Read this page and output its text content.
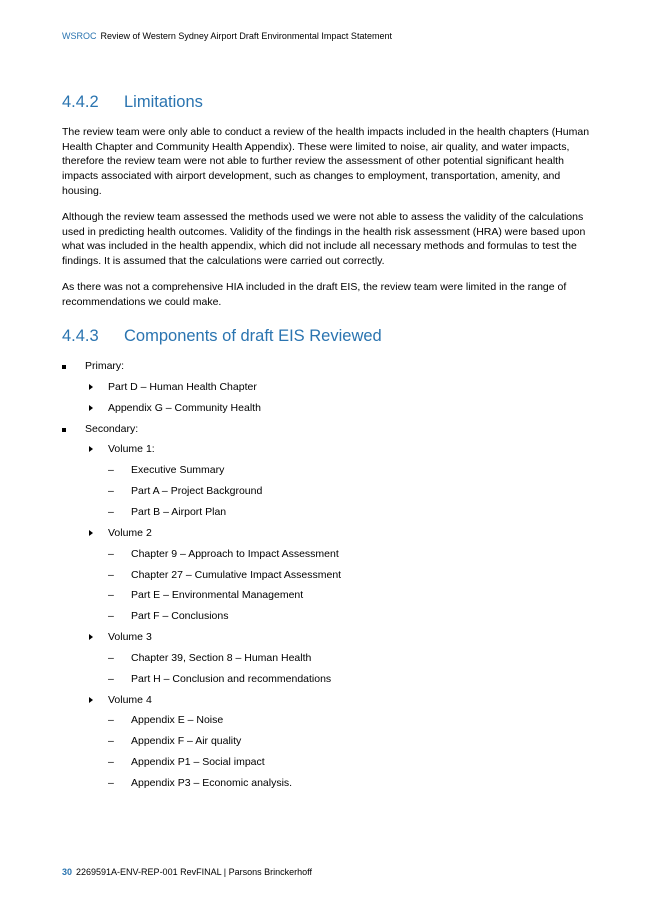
WSROC Review of Western Sydney Airport Draft Environmental Impact Statement
4.4.2 Limitations

The review team were only able to conduct a review of the health impacts included in the health chapters (Human Health Chapter and Community Health Appendix). These were limited to noise, air quality, and water impacts, therefore the review team were not able to further review the assessment of other potential significant health impacts associated with airport development, such as changes to employment, transportation, amenity, and housing.

Although the review team assessed the methods used we were not able to assess the validity of the calculations used in predicting health outcomes. Validity of the findings in the health risk assessment (HRA) were based upon what was included in the health appendix, which did not include all necessary methods and formulas to test the findings. It is assumed that the calculations were carried out correctly.

As there was not a comprehensive HIA included in the draft EIS, the review team were limited in the range of recommendations we could make.

4.4.3 Components of draft EIS Reviewed
Primary:
Part D – Human Health Chapter
Appendix G – Community Health
Secondary:
Volume 1:
– Executive Summary
– Part A – Project Background
– Part B – Airport Plan
Volume 2
– Chapter 9 – Approach to Impact Assessment
– Chapter 27 – Cumulative Impact Assessment
– Part E – Environmental Management
– Part F – Conclusions
Volume 3
– Chapter 39, Section 8 – Human Health
– Part H – Conclusion and recommendations
Volume 4
– Appendix E – Noise
– Appendix F – Air quality
– Appendix P1 – Social impact
– Appendix P3 – Economic analysis.
30 2269591A-ENV-REP-001 RevFINAL | Parsons Brinckerhoff
